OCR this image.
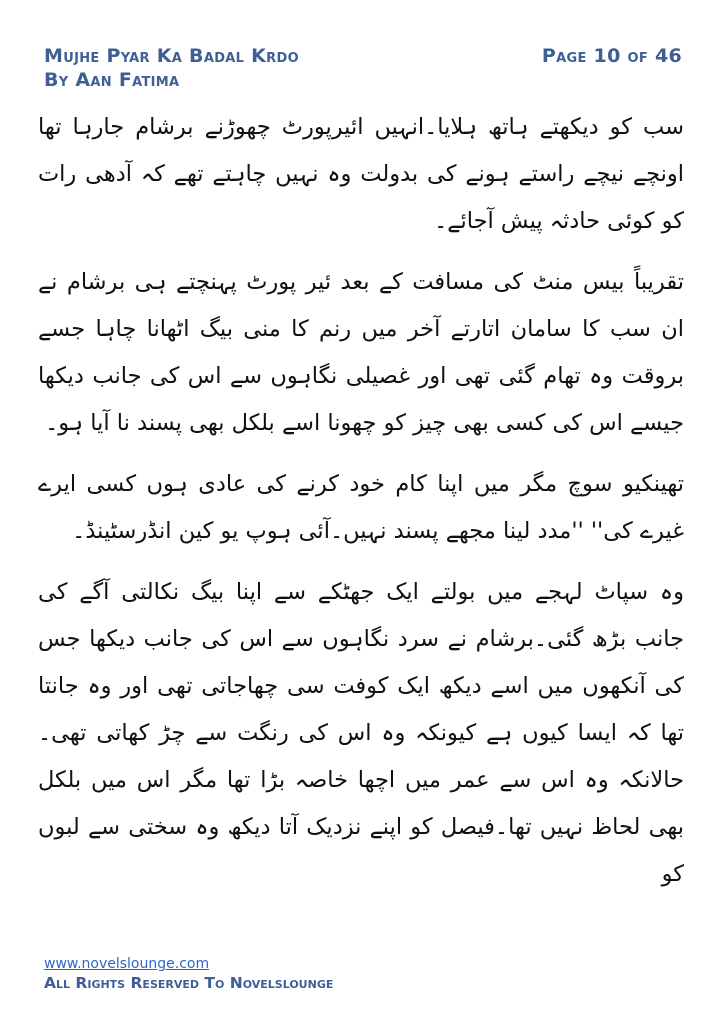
Mujhe Pyar Ka Badal Krdo
By Aan Fatima
Page 10 of 46

سب کو دیکھتے ہاتھ ہلایا۔انہیں ائیرپورٹ چھوڑنے برشام جارہا تھا اونچے نیچے راستے ہونے کی بدولت وہ نہیں چاہتے تھے کہ آدھی رات کو کوئی حادثہ پیش آجائے۔

تقریباً بیس منٹ کی مسافت کے بعد ئیر پورٹ پہنچتے ہی برشام نے ان سب کا سامان اتارتے آخر میں رنم کا منی بیگ اٹھانا چاہا جسے بروقت وہ تھام گئی تھی اور غصیلی نگاہوں سے اس کی جانب دیکھا جیسے اس کی کسی بھی چیز کو چھونا اسے بلکل بھی پسند نا آیا ہو۔

تھینکیو سوچ مگر میں اپنا کام خود کرنے کی عادی ہوں کسی ایرے غیرے کی'' ''مدد لینا مجھے پسند نہیں۔آئی ہوپ یو کین انڈرسٹینڈ۔

وہ سپاٹ لہجے میں بولتے ایک جھٹکے سے اپنا بیگ نکالتی آگے کی جانب بڑھ گئی۔برشام نے سرد نگاہوں سے اس کی جانب دیکھا جس کی آنکھوں میں اسے دیکھ ایک کوفت سی چھاجاتی تھی اور وہ جانتا تھا کہ ایسا کیوں ہے کیونکہ وہ اس کی رنگت سے چڑ کھاتی تھی۔حالانکہ وہ اس سے عمر میں اچھا خاصہ بڑا تھا مگر اس میں بلکل بھی لحاظ نہیں تھا۔فیصل کو اپنے نزدیک آتا دیکھ وہ سختی سے لبوں کو

www.novelslounge.com
All Rights Reserved To Novelslounge
